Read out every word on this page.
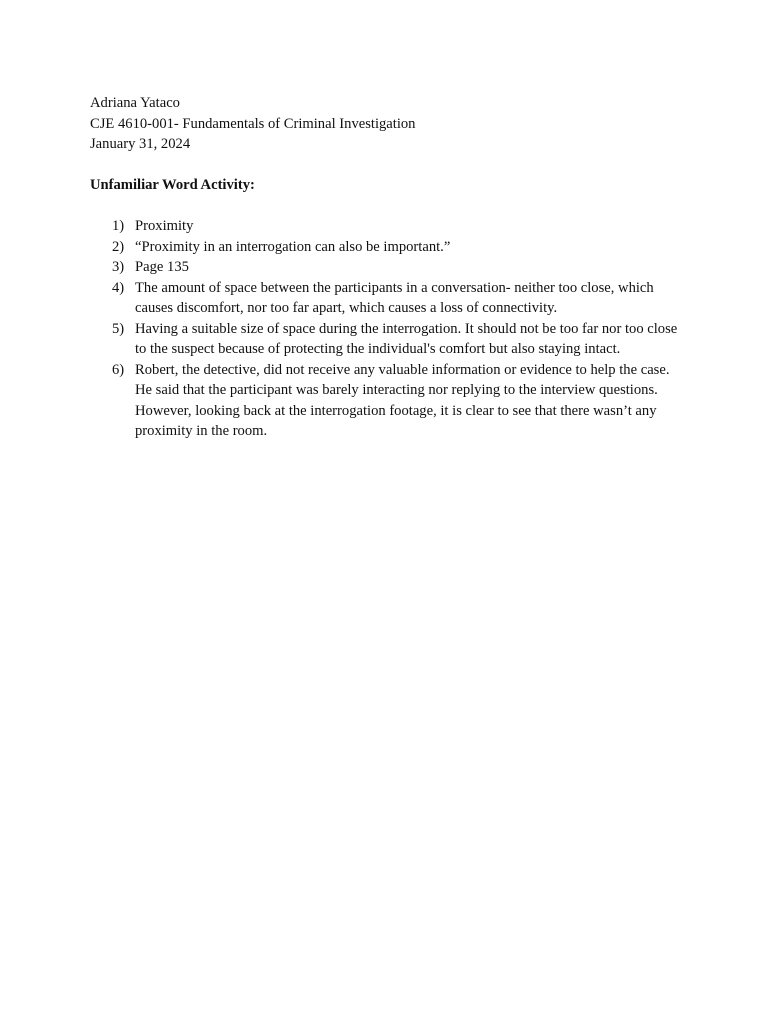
Adriana Yataco
CJE 4610-001- Fundamentals of Criminal Investigation
January 31, 2024
Unfamiliar Word Activity:
1) Proximity
2) “Proximity in an interrogation can also be important.”
3) Page 135
4) The amount of space between the participants in a conversation- neither too close, which causes discomfort, nor too far apart, which causes a loss of connectivity.
5) Having a suitable size of space during the interrogation. It should not be too far nor too close to the suspect because of protecting the individual's comfort but also staying intact.
6) Robert, the detective, did not receive any valuable information or evidence to help the case. He said that the participant was barely interacting nor replying to the interview questions. However, looking back at the interrogation footage, it is clear to see that there wasn’t any proximity in the room.
